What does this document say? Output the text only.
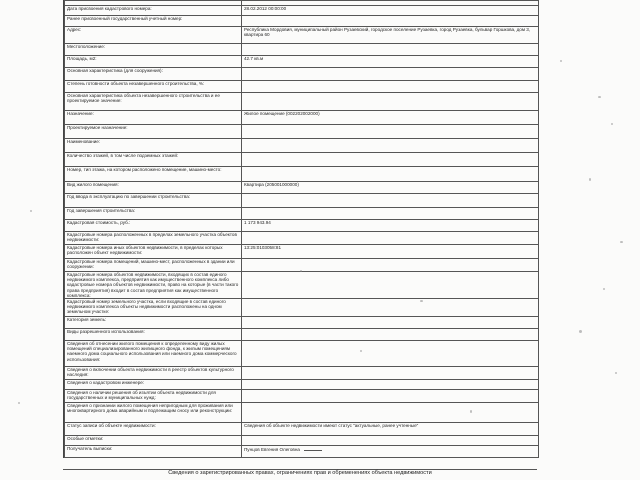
Дата присвоения кадастрового номера:	28.02.2012 00:00:00
Ранее присвоенный государственный учетный номер:	
Адрес:	Республика Мордовия, муниципальный район Рузаевский, городское поселение Рузаевка, город Рузаевка, бульвар Горшкова, дом 3, квартира 60
Местоположение:	
Площадь, м2:	42.7 кв.м
Основная характеристика (для сооружения):	
Степень готовности объекта незавершенного строительства, %:	
Основная характеристика объекта незавершенного строительства и ее проектируемое значение:	
Назначение:	Жилое помещение (002202002000)
Проектируемое назначение:	
Наименование:	
Количество этажей, в том числе подземных этажей:	
Номер, тип этажа, на котором расположено помещение, машино-место:	
Вид жилого помещения:	Квартира (205001000000)
Год ввода в эксплуатацию по завершении строительства:	
Год завершения строительства:	
Кадастровая стоимость, руб.:	1 173 943.94
Кадастровые номера расположенных в пределах земельного участка объектов недвижимости:	
Кадастровые номера иных объектов недвижимости, в пределах которых расположен объект недвижимости:	13:25:0103058:81
Кадастровые номера помещений, машино-мест, расположенных в здании или сооружении:	
Кадастровые номера объектов недвижимости, входящих в состав единого недвижимого комплекса, предприятия как имущественного комплекса либо кадастровые номера объектов недвижимости, право на которые (в части такого права предприятия) входит в состав предприятия как имущественного комплекса:	
Кадастровый номер земельного участка, если входящие в состав единого недвижимого комплекса объекты недвижимости расположены на одном земельном участке:	
Категория земель:	
Виды разрешенного использования:	
Сведения об отнесении жилого помещения к определенному виду жилых помещений специализированного жилищного фонда, к жилым помещениям наемного дома социального использования или наемного дома коммерческого использования:	
Сведения о включении объекта недвижимости в реестр объектов культурного наследия:	
Сведения о кадастровом инженере:	
Сведения о наличии решения об изъятии объекта недвижимости для государственных и муниципальных нужд:	
Сведения о признании жилого помещения непригодным для проживания или многоквартирного дома аварийным и подлежащим сносу или реконструкции:	
Статус записи об объекте недвижимости:	Сведения об объекте недвижимости имеют статус "актуальные, ранее учтенные"
Особые отметки:	
Получатель выписки:	Пунцов Евгения Олеговна
Сведения о зарегистрированных правах, ограничениях прав и обременениях объекта недвижимости
